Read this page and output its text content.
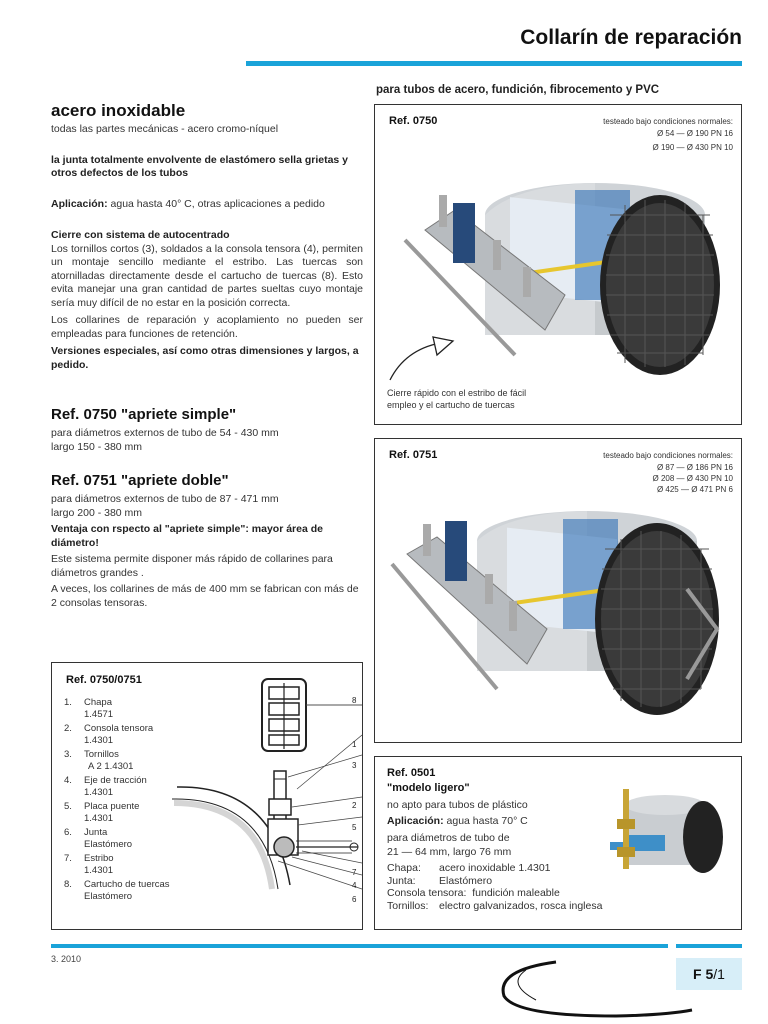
Collarín de reparación
para tubos de acero, fundición, fibrocemento y PVC
acero inoxidable
todas las partes mecánicas - acero cromo-níquel
la junta totalmente envolvente de elastómero sella grietas y otros defectos de los tubos
Aplicación: agua hasta 40° C, otras aplicaciones a pedido
Cierre con sistema de autocentrado
Los tornillos cortos (3), soldados a la consola tensora (4), permiten un montaje sencillo mediante el estribo. Las tuercas son atornilladas directamente desde el cartucho de tuercas (8). Esto evita manejar una gran cantidad de partes sueltas cuyo montaje sería muy difícil de no estar en la posición correcta.
Los collarines de reparación y acoplamiento no pueden ser empleadas para funciones de retención.
Versiones especiales, así como otras dimensiones y largos, a pedido.
Ref. 0750 "apriete simple"
para diámetros externos de tubo de 54 - 430 mm
largo 150 - 380 mm
Ref. 0751 "apriete doble"
para diámetros externos de tubo de 87 - 471 mm
largo 200 - 380 mm
Ventaja con rspecto al "apriete simple": mayor área de diámetro!
Este sistema permite disponer más rápido de collarines para diámetros grandes .
A veces, los collarines de más de 400 mm se fabrican con más de 2 consolas tensoras.
Ref. 0750/0751
1.	Chapa
1.4571
2.	Consola tensora
1.4301
3.	Tornillos
A 2 1.4301
4.	Eje de tracción
1.4301
5.	Placa puente
1.4301
6.	Junta
Elastómero
7.	Estribo
1.4301
8.	Cartucho de tuercas
Elastómero
8
1
3
2
5
7
4
6
Ref. 0750	testeado bajo condiciones normales:
Ø 54 — Ø 190 PN 16
Ø 190 — Ø 430 PN 10
Cierre rápido con el estribo de fácil empleo y el cartucho de tuercas
Ref. 0751	testeado bajo condiciones normales:
Ø 87 — Ø 186 PN 16
Ø 208 — Ø 430 PN 10
Ø 425 — Ø 471 PN 6
Ref. 0501
"modelo ligero"
no apto para tubos de plástico
Aplicación: agua hasta 70° C
para diámetros de tubo de
21 — 64 mm, largo 76 mm
Chapa:	acero inoxidable 1.4301
Junta:	Elastómero
Consola tensora:
fundición maleable
Tornillos:	electro galvanizados, rosca inglesa
3. 2010
F 5 /1
